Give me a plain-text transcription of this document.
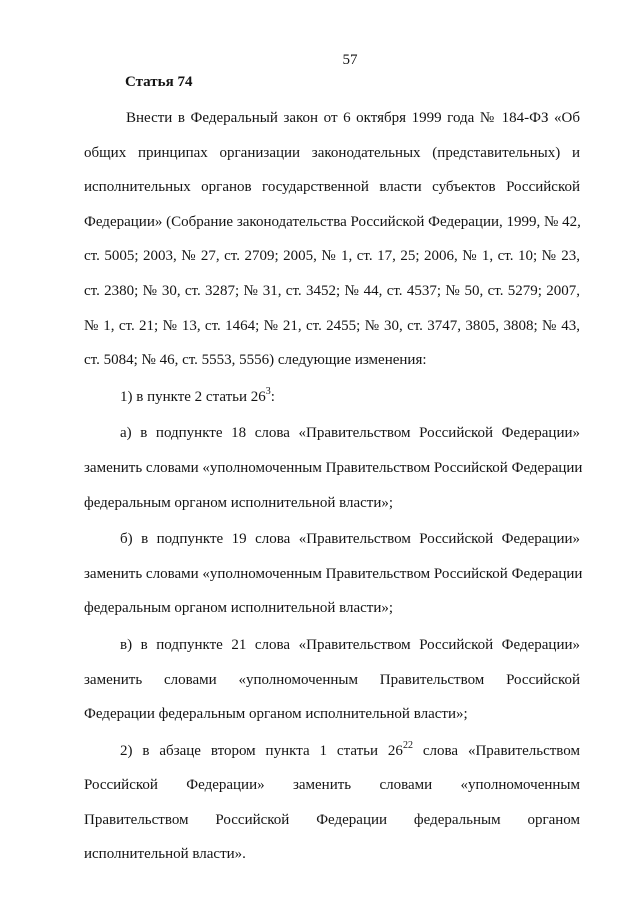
57
Статья 74
Внести в Федеральный закон от 6 октября 1999 года № 184-ФЗ «Об
общих принципах организации законодательных (представительных) и
исполнительных органов государственной власти субъектов Российской
Федерации» (Собрание законодательства Российской Федерации, 1999, № 42,
ст. 5005; 2003, № 27, ст. 2709; 2005, № 1, ст. 17, 25; 2006, № 1, ст. 10; № 23,
ст. 2380; № 30, ст. 3287; № 31, ст. 3452; № 44, ст. 4537; № 50, ст. 5279; 2007,
№ 1, ст. 21; № 13, ст. 1464; № 21, ст. 2455; № 30, ст. 3747, 3805, 3808; № 43,
ст. 5084; № 46, ст. 5553, 5556) следующие изменения:
1) в пункте 2 статьи $26^3$:
а) в подпункте 18 слова «Правительством Российской Федерации»
заменить словами «уполномоченным Правительством Российской Федерации
федеральным органом исполнительной власти»;
б) в подпункте 19 слова «Правительством Российской Федерации»
заменить словами «уполномоченным Правительством Российской Федерации
федеральным органом исполнительной власти»;
в) в подпункте 21 слова «Правительством Российской Федерации»
заменить словами «уполномоченным Правительством Российской
Федерации федеральным органом исполнительной власти»;
2) в абзаце втором пункта 1 статьи $26^{22}$ слова «Правительством
Российской Федерации» заменить словами «уполномоченным
Правительством Российской Федерации федеральным органом
исполнительной власти».
